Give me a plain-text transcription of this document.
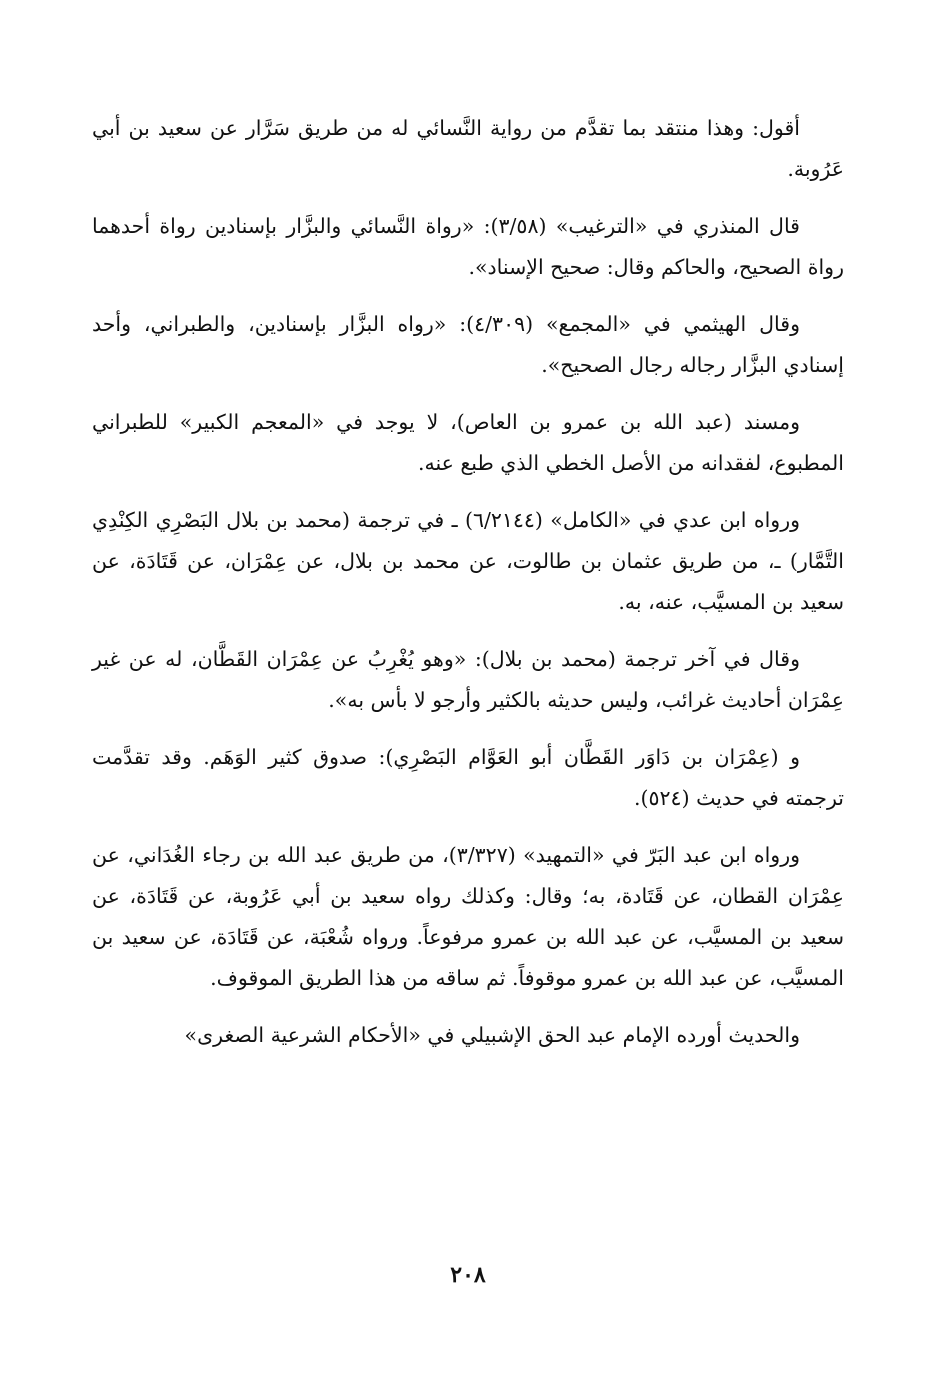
أقول: وهذا منتقد بما تقدَّم من رواية النَّسائي له من طريق سَرَّار عن سعيد بن أبي عَرُوبة.

قال المنذري في «الترغيب» (٣/٥٨): «رواة النَّسائي والبزَّار بإسنادين رواة أحدهما رواة الصحيح، والحاكم وقال: صحيح الإسناد».

وقال الهيثمي في «المجمع» (٤/٣٠٩): «رواه البزَّار بإسنادين، والطبراني، وأحد إسنادي البزَّار رجاله رجال الصحيح».

ومسند (عبد الله بن عمرو بن العاص)، لا يوجد في «المعجم الكبير» للطبراني المطبوع، لفقدانه من الأصل الخطي الذي طبع عنه.

ورواه ابن عدي في «الكامل» (٦/٢١٤٤) ـ في ترجمة (محمد بن بلال البَصْرِي الكِنْدِي التَّمَّار) ـ، من طريق عثمان بن طالوت، عن محمد بن بلال، عن عِمْرَان، عن قَتَادَة، عن سعيد بن المسيَّب، عنه، به.

وقال في آخر ترجمة (محمد بن بلال): «وهو يُغْرِبُ عن عِمْرَان القَطَّان، له عن غير عِمْرَان أحاديث غرائب، وليس حديثه بالكثير وأرجو لا بأس به».

و (عِمْرَان بن دَاوَر القَطَّان أبو العَوَّام البَصْرِي): صدوق كثير الوَهَم. وقد تقدَّمت ترجمته في حديث (٥٢٤).

ورواه ابن عبد البَرّ في «التمهيد» (٣/٣٢٧)، من طريق عبد الله بن رجاء الغُدَاني، عن عِمْرَان القطان، عن قَتَادة، به؛ وقال: وكذلك رواه سعيد بن أبي عَرُوبة، عن قَتَادَة، عن سعيد بن المسيَّب، عن عبد الله بن عمرو مرفوعاً. ورواه شُعْبَة، عن قَتَادَة، عن سعيد بن المسيَّب، عن عبد الله بن عمرو موقوفاً. ثم ساقه من هذا الطريق الموقوف.

والحديث أورده الإمام عبد الحق الإشبيلي في «الأحكام الشرعية الصغرى»

٢٠٨
